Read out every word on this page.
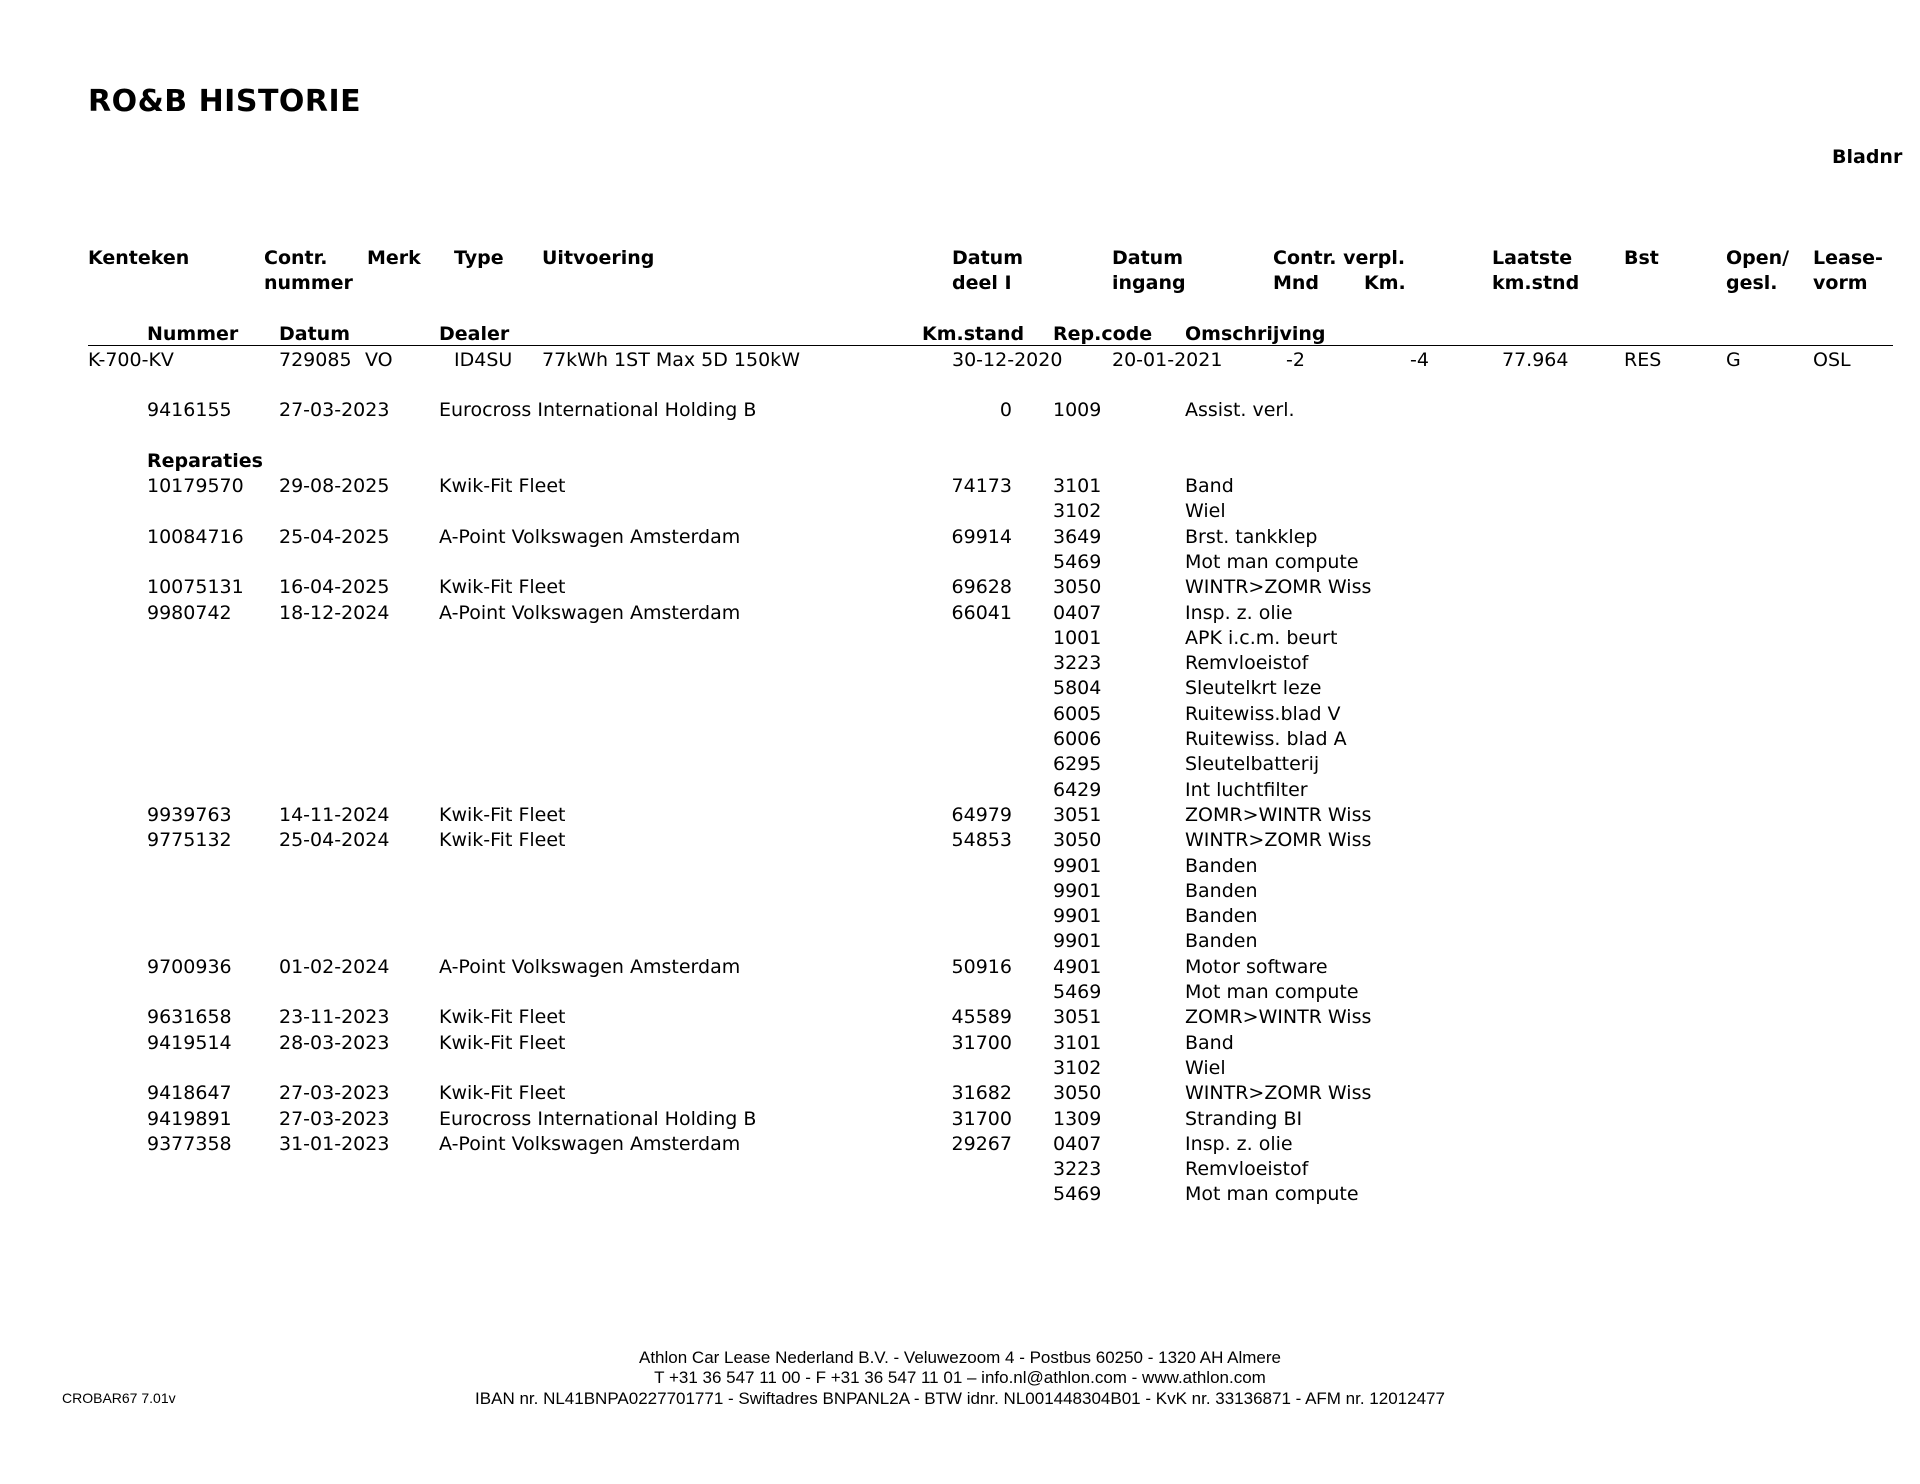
RO&B HISTORIE
Bladnr
Kenteken	Contr.
nummer
Merk Type Uitvoering	Datum
deel I
Datum
ingang
Contr. verpl.
Mnd Km.
Laatste
km.stnd
Bst	Open/
gesl.
Lease-
vorm
Nummer Datum	Dealer	Km.stand Rep.code Omschrijving
K-700-KV	729085 VO	ID4SU 77kWh 1ST Max 5D 150kW	30-12-2020	20-01-2021	-2	-4	77.964	RES	G	OSL
9416155 27-03-2023	Eurocross International Holding B	0 1009	Assist. verl.
Reparaties
10179570 29-08-2025	Kwik-Fit Fleet	74173 3101	Band
3102	Wiel
10084716 25-04-2025	A-Point Volkswagen Amsterdam	69914 3649	Brst. tankklep
5469	Mot man compute
10075131 16-04-2025	Kwik-Fit Fleet	69628 3050	WINTR>ZOMR Wiss
9980742 18-12-2024	A-Point Volkswagen Amsterdam	66041 0407	Insp. z. olie
1001	APK i.c.m. beurt
3223	Remvloeistof
5804	Sleutelkrt leze
6005	Ruitewiss.blad V
6006	Ruitewiss. blad A
6295	Sleutelbatterij
6429	Int luchtfilter
9939763 14-11-2024	Kwik-Fit Fleet	64979 3051	ZOMR>WINTR Wiss
9775132 25-04-2024	Kwik-Fit Fleet	54853 3050	WINTR>ZOMR Wiss
9901	Banden
9901	Banden
9901	Banden
9901	Banden
9700936 01-02-2024	A-Point Volkswagen Amsterdam	50916 4901	Motor software
5469	Mot man compute
9631658 23-11-2023	Kwik-Fit Fleet	45589 3051	ZOMR>WINTR Wiss
9419514 28-03-2023	Kwik-Fit Fleet	31700 3101	Band
3102	Wiel
9418647 27-03-2023	Kwik-Fit Fleet	31682 3050	WINTR>ZOMR Wiss
9419891 27-03-2023	Eurocross International Holding B	31700 1309	Stranding BI
9377358 31-01-2023	A-Point Volkswagen Amsterdam	29267 0407	Insp. z. olie
3223	Remvloeistof
5469	Mot man compute
Athlon Car Lease Nederland B.V. - Veluwezoom 4 - Postbus 60250 - 1320 AH Almere
T +31 36 547 11 00 - F +31 36 547 11 01 – info.nl@athlon.com - www.athlon.com
IBAN nr. NL41BNPA0227701771 - Swiftadres BNPANL2A - BTW idnr. NL001448304B01 - KvK nr. 33136871 - AFM nr. 12012477
CROBAR67 7.01v
